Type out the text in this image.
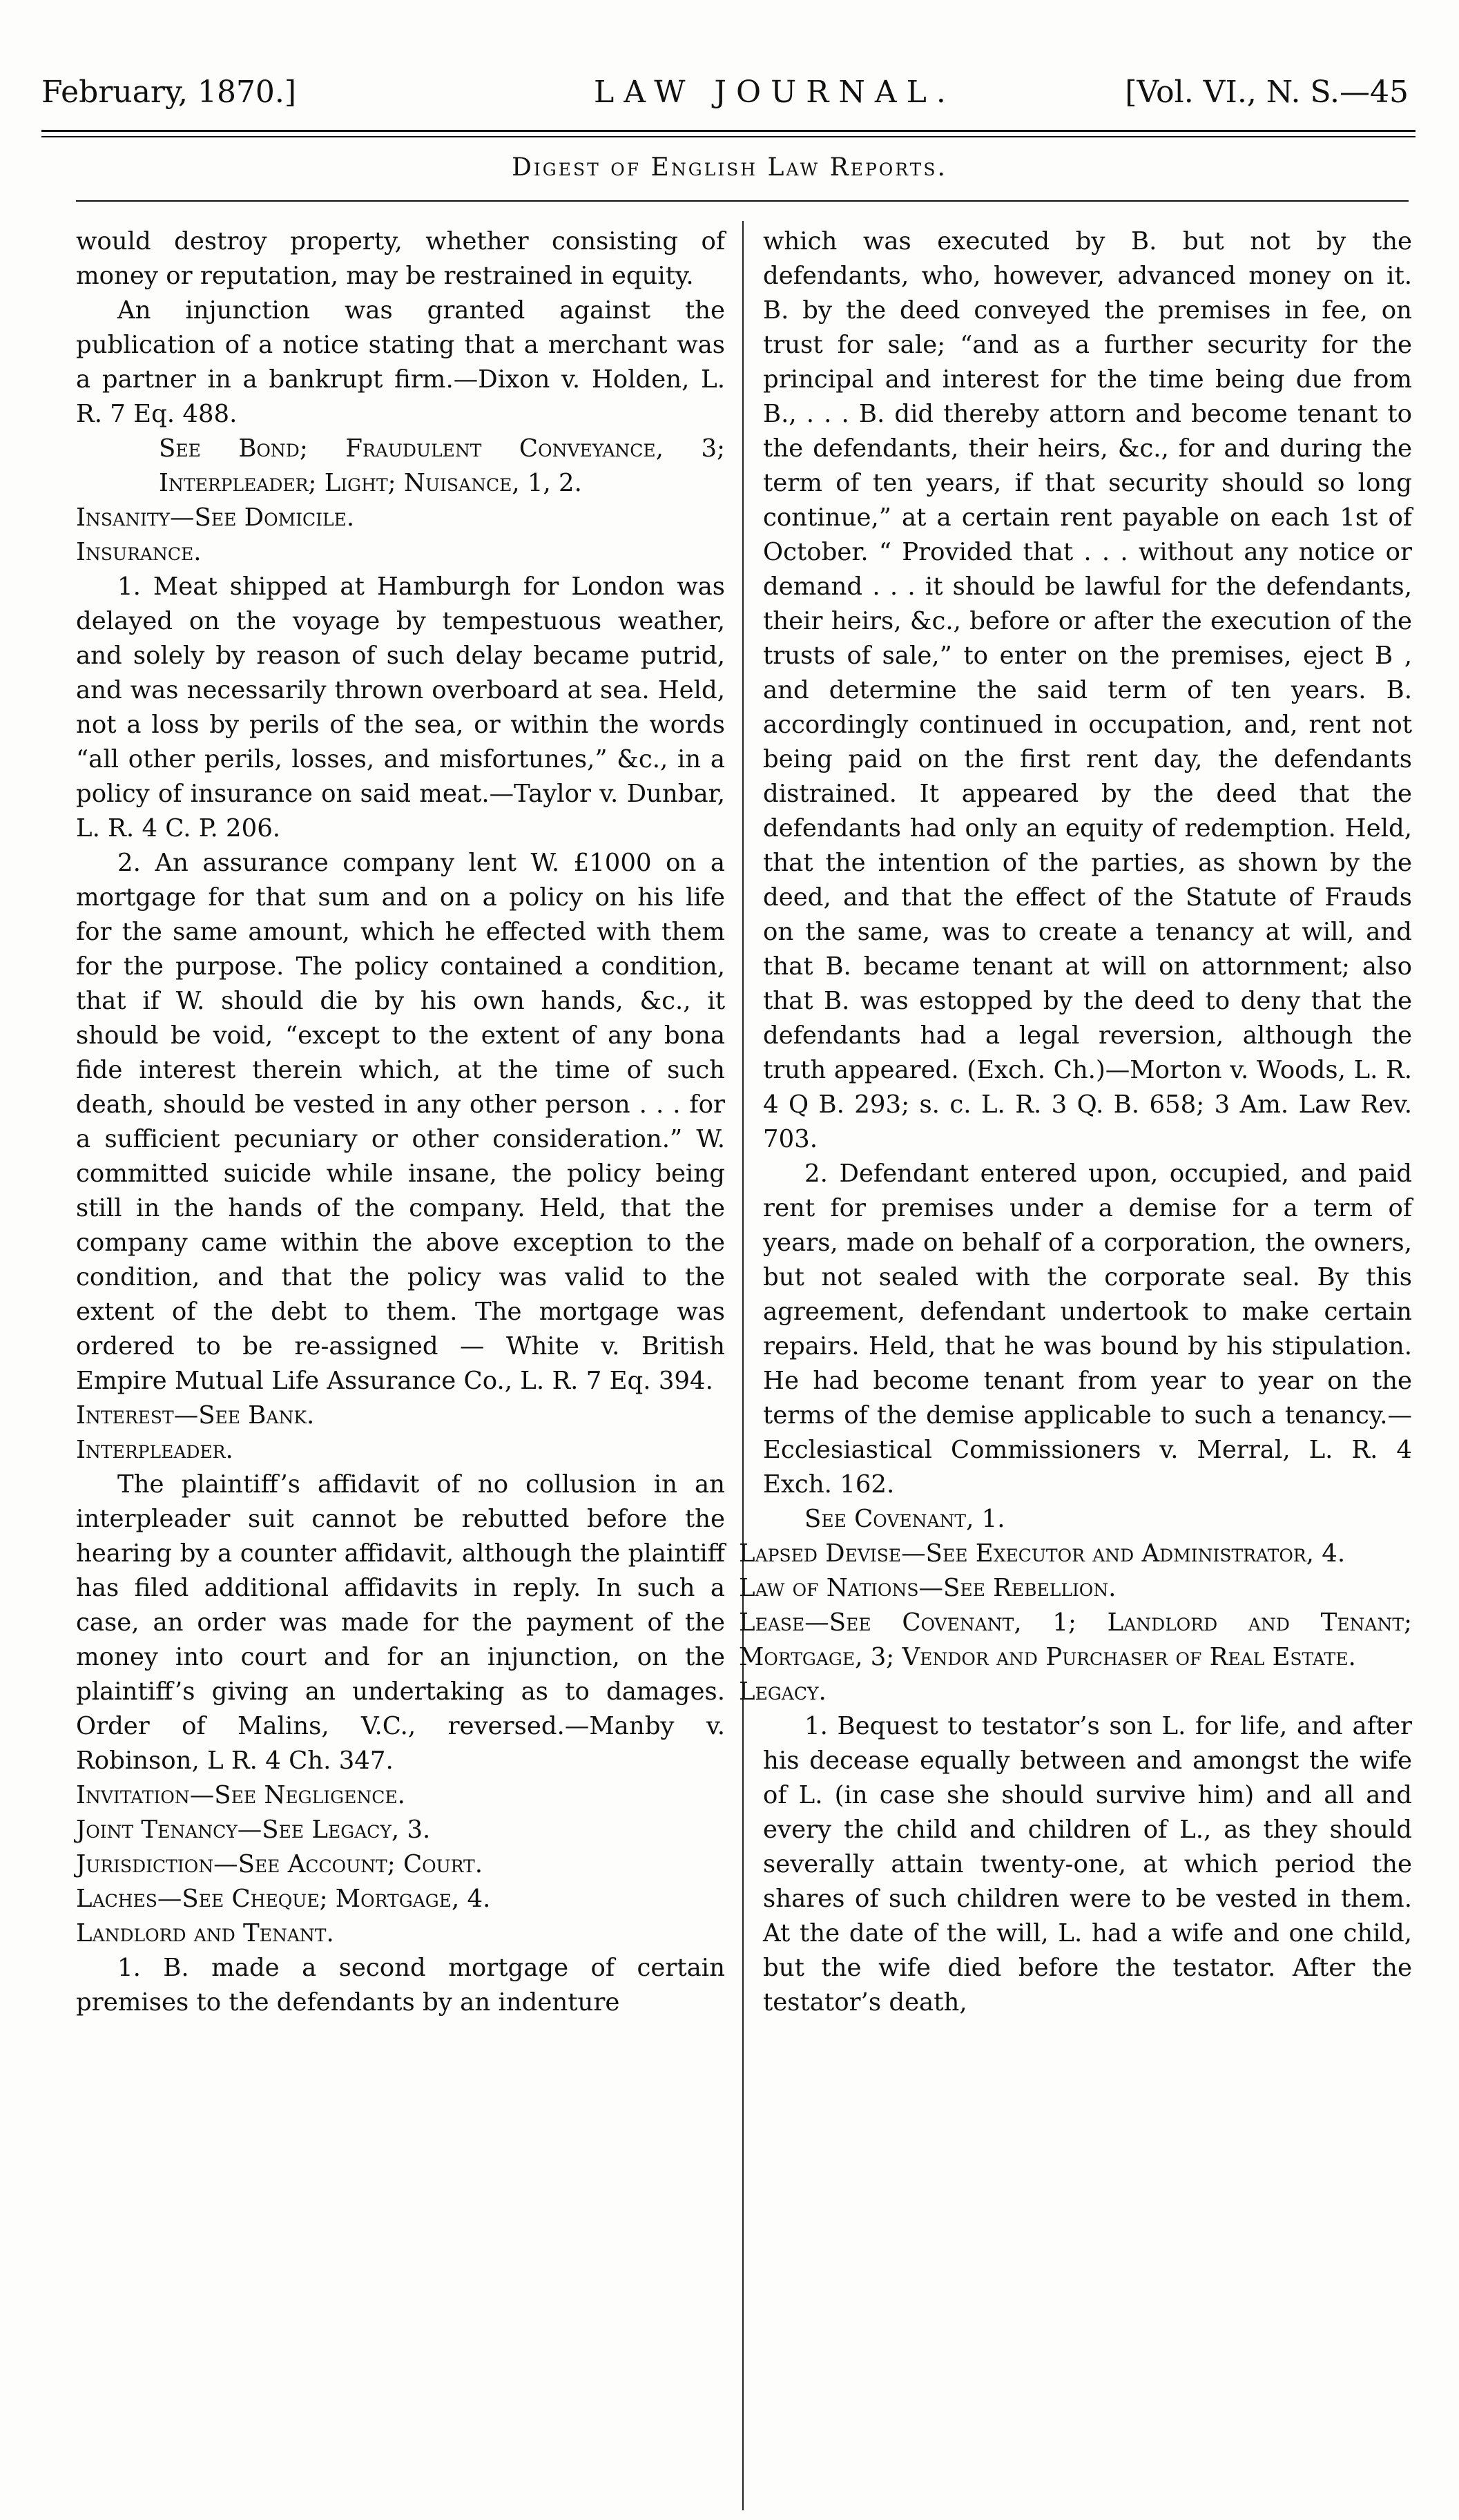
February, 1870.]	LAW JOURNAL.	[Vol. VI., N. S.—45
Digest of English Law Reports.

would destroy property, whether consisting of money or reputation, may be restrained in equity.

An injunction was granted against the publication of a notice stating that a merchant was a partner in a bankrupt firm.—Dixon v. Holden, L. R. 7 Eq. 488.

See Bond; Fraudulent Conveyance, 3; Interpleader; Light; Nuisance, 1, 2.

Insanity—See Domicile.

Insurance.

1. Meat shipped at Hamburgh for London was delayed on the voyage by tempestuous weather, and solely by reason of such delay became putrid, and was necessarily thrown overboard at sea. Held, not a loss by perils of the sea, or within the words “all other perils, losses, and misfortunes,” &c., in a policy of insurance on said meat.—Taylor v. Dunbar, L. R. 4 C. P. 206.

2. An assurance company lent W. £1000 on a mortgage for that sum and on a policy on his life for the same amount, which he effected with them for the purpose. The policy contained a condition, that if W. should die by his own hands, &c., it should be void, “except to the extent of any bona fide interest therein which, at the time of such death, should be vested in any other person . . . for a sufficient pecuniary or other consideration.” W. committed suicide while insane, the policy being still in the hands of the company. Held, that the company came within the above exception to the condition, and that the policy was valid to the extent of the debt to them. The mortgage was ordered to be re-assigned — White v. British Empire Mutual Life Assurance Co., L. R. 7 Eq. 394.

Interest—See Bank.

Interpleader.

The plaintiff’s affidavit of no collusion in an interpleader suit cannot be rebutted before the hearing by a counter affidavit, although the plaintiff has filed additional affidavits in reply. In such a case, an order was made for the payment of the money into court and for an injunction, on the plaintiff’s giving an undertaking as to damages. Order of Malins, V.C., reversed.—Manby v. Robinson, L R. 4 Ch. 347.

Invitation—See Negligence.

Joint Tenancy—See Legacy, 3.

Jurisdiction—See Account; Court.

Laches—See Cheque; Mortgage, 4.

Landlord and Tenant.

1. B. made a second mortgage of certain premises to the defendants by an indenture

which was executed by B. but not by the defendants, who, however, advanced money on it. B. by the deed conveyed the premises in fee, on trust for sale; “and as a further security for the principal and interest for the time being due from B., . . . B. did thereby attorn and become tenant to the defendants, their heirs, &c., for and during the term of ten years, if that security should so long continue,” at a certain rent payable on each 1st of October. “ Provided that . . . without any notice or demand . . . it should be lawful for the defendants, their heirs, &c., before or after the execution of the trusts of sale,” to enter on the premises, eject B , and determine the said term of ten years. B. accordingly continued in occupation, and, rent not being paid on the first rent day, the defendants distrained. It appeared by the deed that the defendants had only an equity of redemption. Held, that the intention of the parties, as shown by the deed, and that the effect of the Statute of Frauds on the same, was to create a tenancy at will, and that B. became tenant at will on attornment; also that B. was estopped by the deed to deny that the defendants had a legal reversion, although the truth appeared. (Exch. Ch.)—Morton v. Woods, L. R. 4 Q B. 293; s. c. L. R. 3 Q. B. 658; 3 Am. Law Rev. 703.

2. Defendant entered upon, occupied, and paid rent for premises under a demise for a term of years, made on behalf of a corporation, the owners, but not sealed with the corporate seal. By this agreement, defendant undertook to make certain repairs. Held, that he was bound by his stipulation. He had become tenant from year to year on the terms of the demise applicable to such a tenancy.—Ecclesiastical Commissioners v. Merral, L. R. 4 Exch. 162.

See Covenant, 1.

Lapsed Devise—See Executor and Administrator, 4.

Law of Nations—See Rebellion.

Lease—See Covenant, 1; Landlord and Tenant; Mortgage, 3; Vendor and Purchaser of Real Estate.

Legacy.

1. Bequest to testator’s son L. for life, and after his decease equally between and amongst the wife of L. (in case she should survive him) and all and every the child and children of L., as they should severally attain twenty-one, at which period the shares of such children were to be vested in them. At the date of the will, L. had a wife and one child, but the wife died before the testator. After the testator’s death,
